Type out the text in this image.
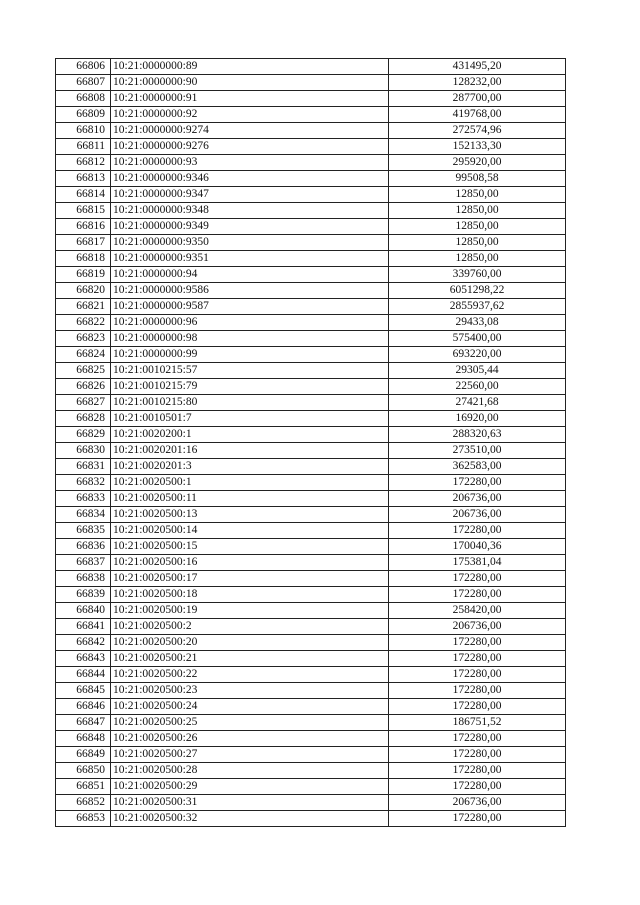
66806	10:21:0000000:89	431495,20
66807	10:21:0000000:90	128232,00
66808	10:21:0000000:91	287700,00
66809	10:21:0000000:92	419768,00
66810	10:21:0000000:9274	272574,96
66811	10:21:0000000:9276	152133,30
66812	10:21:0000000:93	295920,00
66813	10:21:0000000:9346	99508,58
66814	10:21:0000000:9347	12850,00
66815	10:21:0000000:9348	12850,00
66816	10:21:0000000:9349	12850,00
66817	10:21:0000000:9350	12850,00
66818	10:21:0000000:9351	12850,00
66819	10:21:0000000:94	339760,00
66820	10:21:0000000:9586	6051298,22
66821	10:21:0000000:9587	2855937,62
66822	10:21:0000000:96	29433,08
66823	10:21:0000000:98	575400,00
66824	10:21:0000000:99	693220,00
66825	10:21:0010215:57	29305,44
66826	10:21:0010215:79	22560,00
66827	10:21:0010215:80	27421,68
66828	10:21:0010501:7	16920,00
66829	10:21:0020200:1	288320,63
66830	10:21:0020201:16	273510,00
66831	10:21:0020201:3	362583,00
66832	10:21:0020500:1	172280,00
66833	10:21:0020500:11	206736,00
66834	10:21:0020500:13	206736,00
66835	10:21:0020500:14	172280,00
66836	10:21:0020500:15	170040,36
66837	10:21:0020500:16	175381,04
66838	10:21:0020500:17	172280,00
66839	10:21:0020500:18	172280,00
66840	10:21:0020500:19	258420,00
66841	10:21:0020500:2	206736,00
66842	10:21:0020500:20	172280,00
66843	10:21:0020500:21	172280,00
66844	10:21:0020500:22	172280,00
66845	10:21:0020500:23	172280,00
66846	10:21:0020500:24	172280,00
66847	10:21:0020500:25	186751,52
66848	10:21:0020500:26	172280,00
66849	10:21:0020500:27	172280,00
66850	10:21:0020500:28	172280,00
66851	10:21:0020500:29	172280,00
66852	10:21:0020500:31	206736,00
66853	10:21:0020500:32	172280,00
